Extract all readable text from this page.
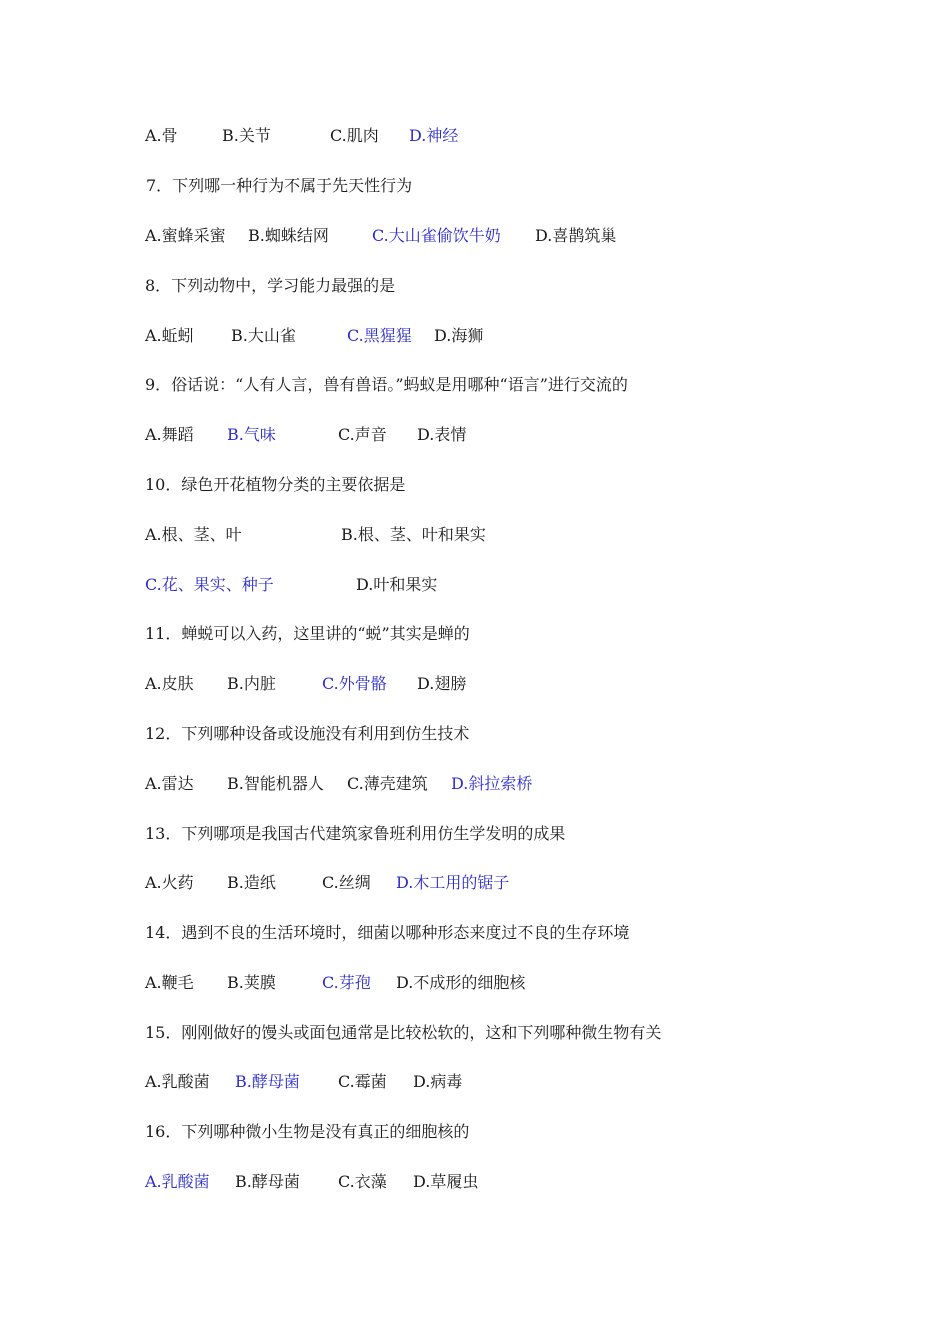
A.骨	B.关节	C.肌肉 D.神经
7．下列哪一种行为不属于先天性行为
A.蜜蜂采蜜 B.蜘蛛结网	C.大山雀偷饮牛奶 D.喜鹊筑巢
8．下列动物中，学习能力最强的是
A.蚯蚓 B.大山雀	C.黑猩猩 D.海狮
9．俗话说：“人有人言，兽有兽语。”蚂蚁是用哪种“语言”进行交流的
A.舞蹈 B.气味	C.声音 D.表情
10．绿色开花植物分类的主要依据是
A.根、茎、叶	B.根、茎、叶和果实
C.花、果实、种子	D.叶和果实
11．蝉蜕可以入药，这里讲的“蜕”其实是蝉的
A.皮肤 B.内脏	C.外骨骼 D.翅膀
12．下列哪种设备或设施没有利用到仿生技术
A.雷达 B.智能机器人 C.薄壳建筑 D.斜拉索桥
13．下列哪项是我国古代建筑家鲁班利用仿生学发明的成果
A.火药 B.造纸	C.丝绸 D.木工用的锯子
14．遇到不良的生活环境时，细菌以哪种形态来度过不良的生存环境
A.鞭毛 B.荚膜	C.芽孢 D.不成形的细胞核
15．刚刚做好的馒头或面包通常是比较松软的，这和下列哪种微生物有关
A.乳酸菌 B.酵母菌 C.霉菌 D.病毒
16．下列哪种微小生物是没有真正的细胞核的
A.乳酸菌 B.酵母菌 C.衣藻 D.草履虫
